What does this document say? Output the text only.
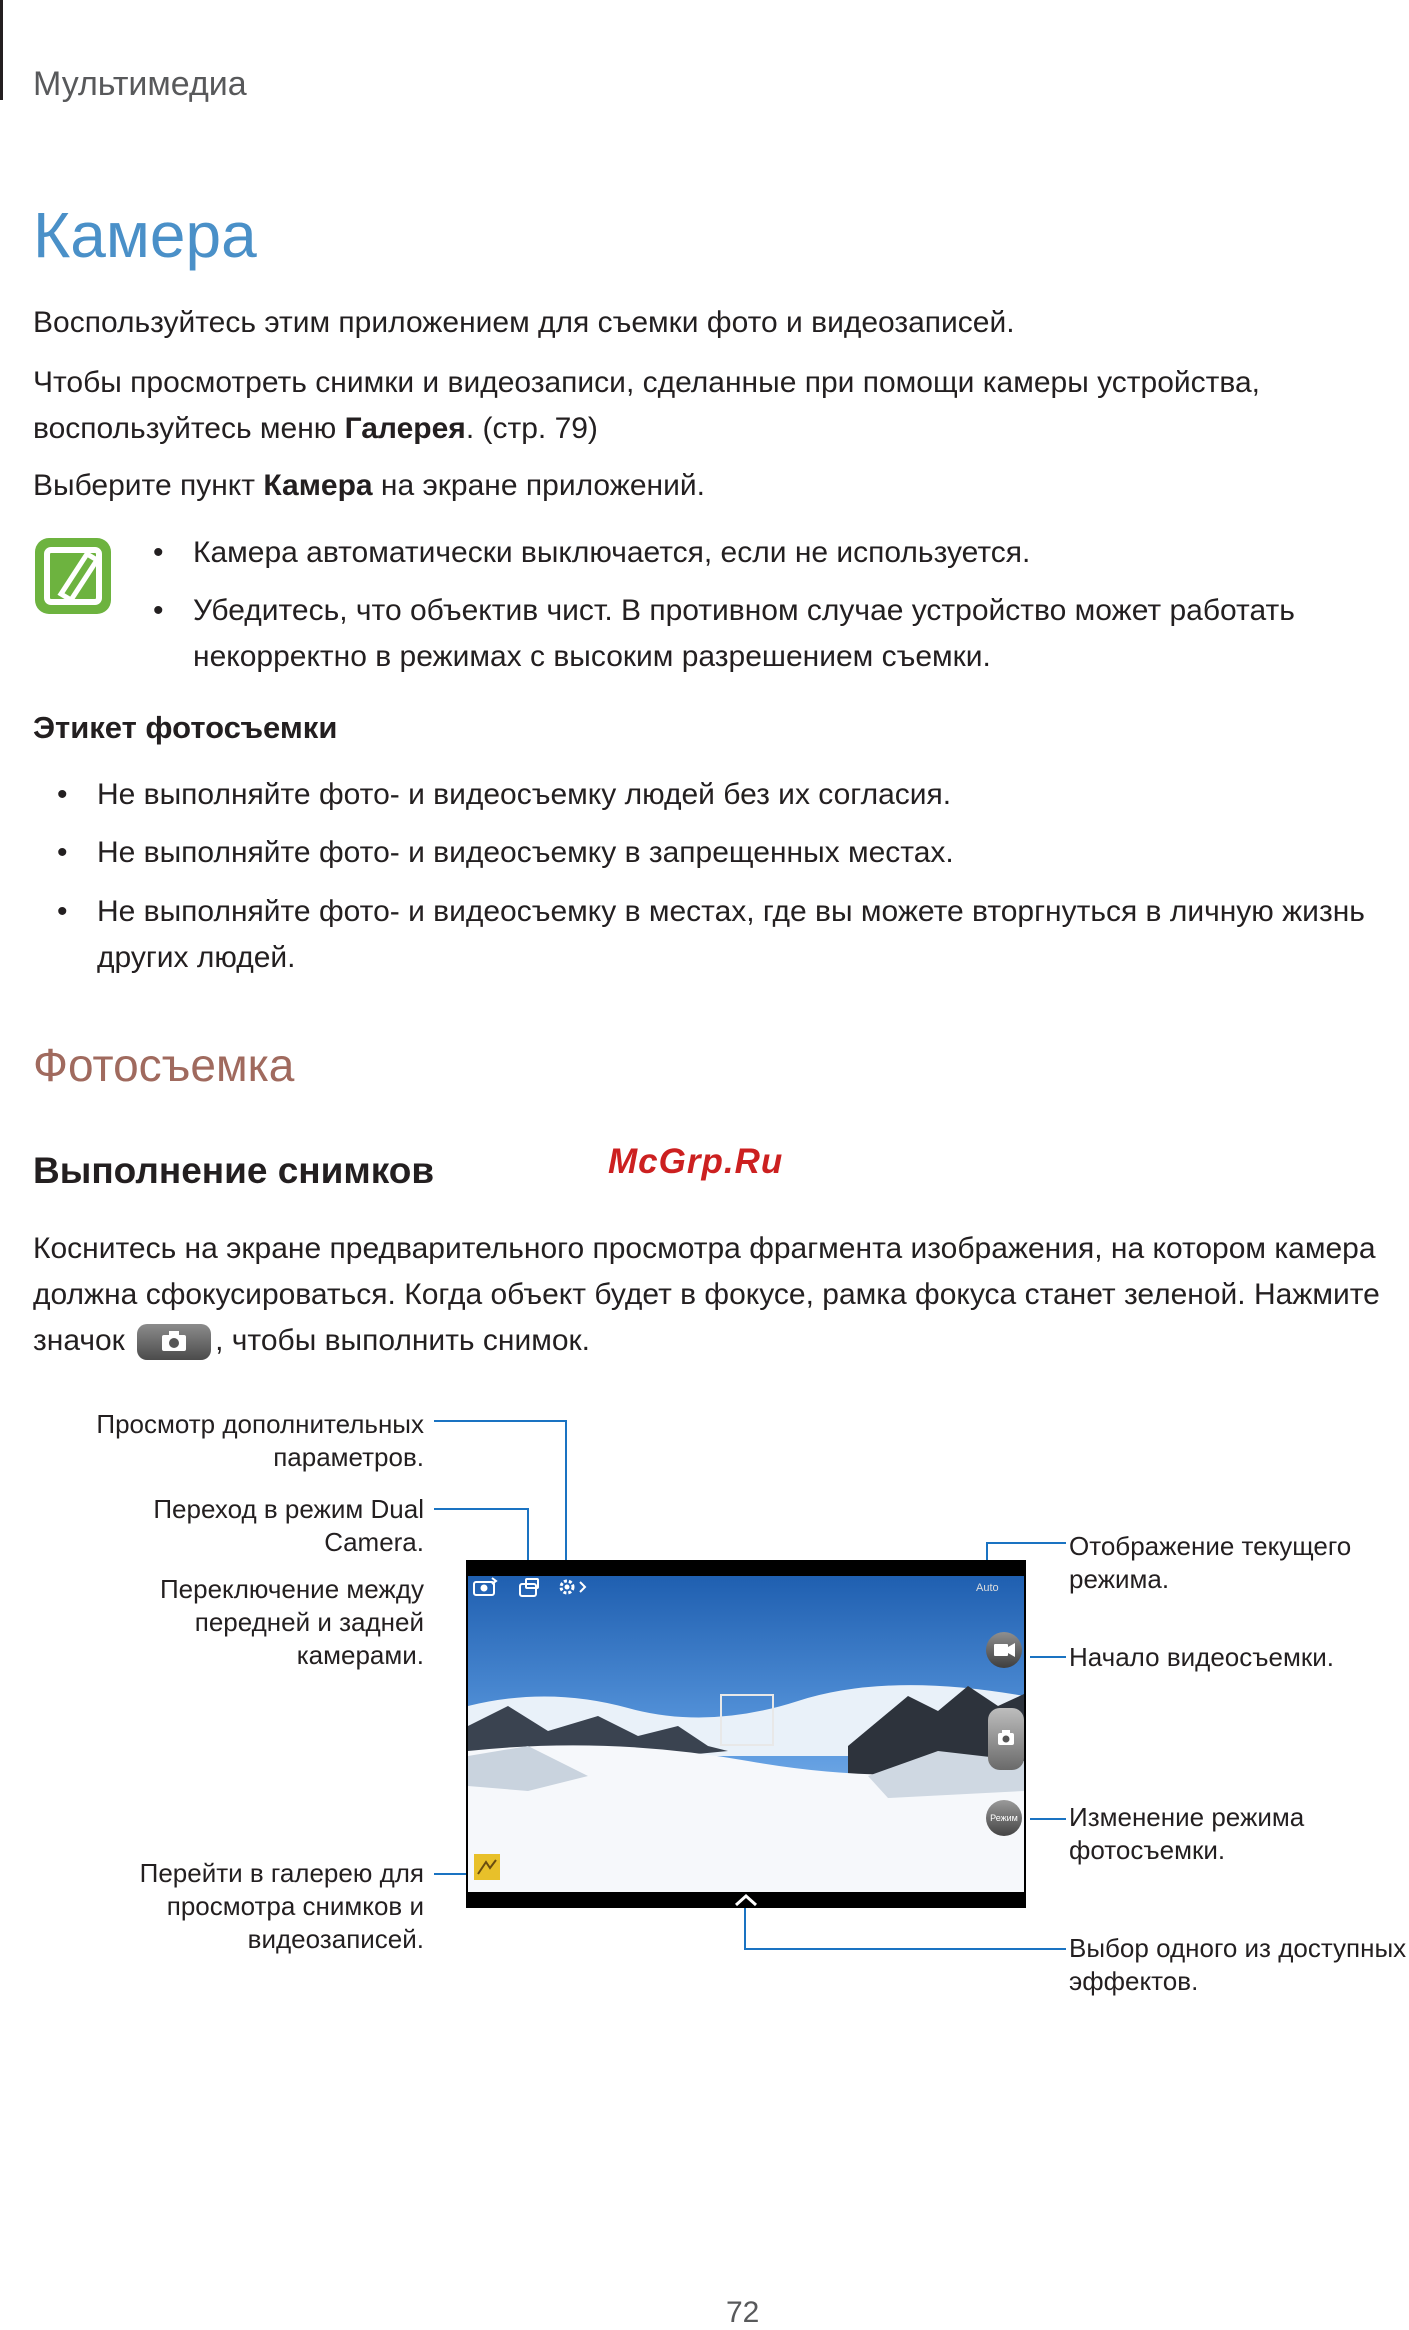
Мультимедиа
Камера
Воспользуйтесь этим приложением для съемки фото и видеозаписей.
Чтобы просмотреть снимки и видеозаписи, сделанные при помощи камеры устройства,
воспользуйтесь меню Галерея. (стр. 79)
Выберите пункт Камера на экране приложений.
• Камера автоматически выключается, если не используется.
• Убедитесь, что объектив чист. В противном случае устройство может работать
некорректно в режимах с высоким разрешением съемки.
Этикет фотосъемки
• Не выполняйте фото- и видеосъемку людей без их согласия.
• Не выполняйте фото- и видеосъемку в запрещенных местах.
• Не выполняйте фото- и видеосъемку в местах, где вы можете вторгнуться в личную жизнь
других людей.
Фотосъемка
Выполнение снимков	McGrp.Ru
Коснитесь на экране предварительного просмотра фрагмента изображения, на котором камера
должна сфокусироваться. Когда объект будет в фокусе, рамка фокуса станет зеленой. Нажмите
значок	, чтобы выполнить снимок.
Просмотр дополнительных
параметров.
Переход в режим Dual
Camera.
Переключение между
передней и задней
камерами.
Перейти в галерею для
просмотра снимков и
видеозаписей.
Отображение текущего
режима.
Начало видеосъемки.
Изменение режима
фотосъемки.
Выбор одного из доступных
эффектов.
Auto
Режим
72
